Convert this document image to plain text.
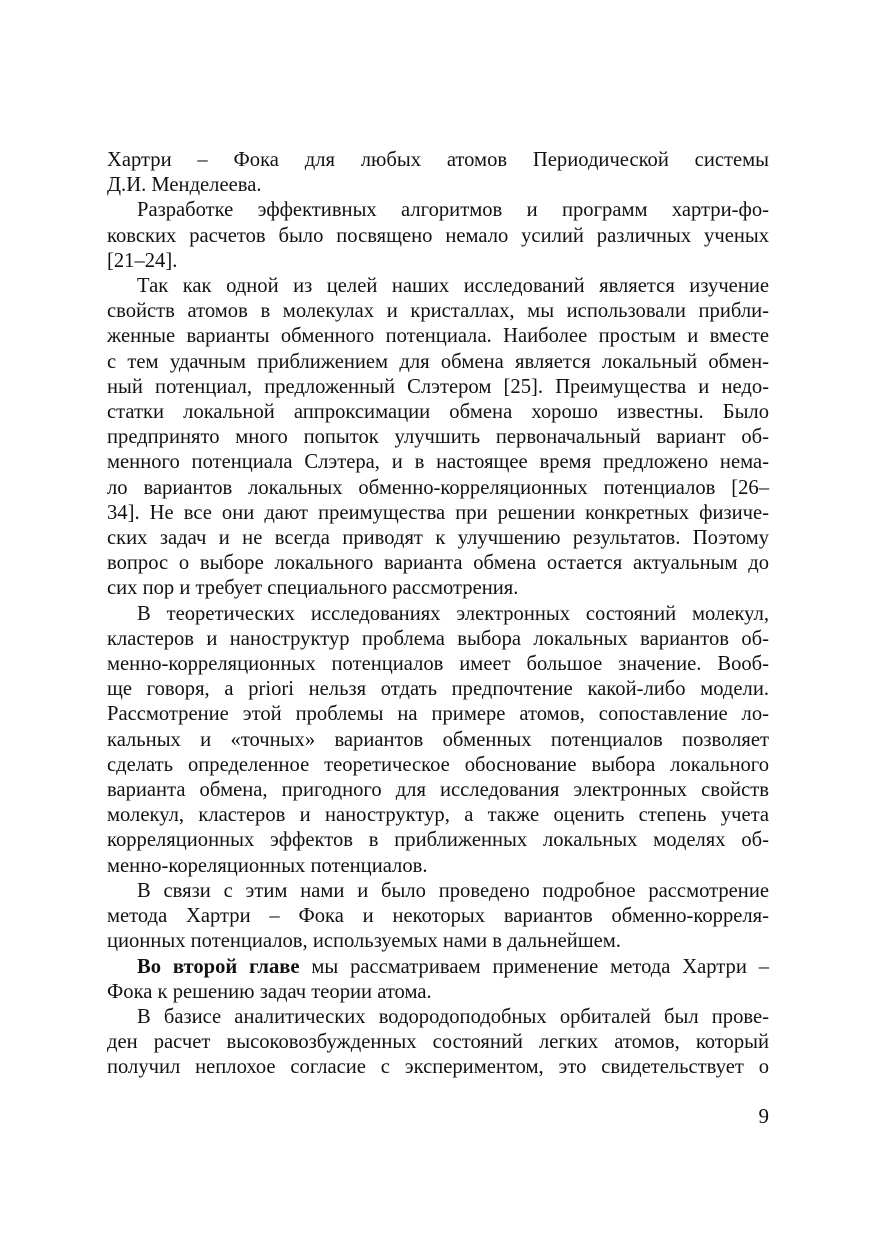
Хартри – Фока для любых атомов Периодической системы
Д.И. Менделеева.

Разработке эффективных алгоритмов и программ хартри-фо-
ковских расчетов было посвящено немало усилий различных ученых
[21–24].

Так как одной из целей наших исследований является изучение
свойств атомов в молекулах и кристаллах, мы использовали прибли-
женные варианты обменного потенциала. Наиболее простым и вместе
с тем удачным приближением для обмена является локальный обмен-
ный потенциал, предложенный Слэтером [25]. Преимущества и недо-
статки локальной аппроксимации обмена хорошо известны. Было
предпринято много попыток улучшить первоначальный вариант об-
менного потенциала Слэтера, и в настоящее время предложено нема-
ло вариантов локальных обменно-корреляционных потенциалов [26–
34]. Не все они дают преимущества при решении конкретных физиче-
ских задач и не всегда приводят к улучшению результатов. Поэтому
вопрос о выборе локального варианта обмена остается актуальным до
сих пор и требует специального рассмотрения.

В теоретических исследованиях электронных состояний молекул,
кластеров и наноструктур проблема выбора локальных вариантов об-
менно-корреляционных потенциалов имеет большое значение. Вооб-
ще говоря, a priori нельзя отдать предпочтение какой-либо модели.
Рассмотрение этой проблемы на примере атомов, сопоставление ло-
кальных и «точных» вариантов обменных потенциалов позволяет
сделать определенное теоретическое обоснование выбора локального
варианта обмена, пригодного для исследования электронных свойств
молекул, кластеров и наноструктур, а также оценить степень учета
корреляционных эффектов в приближенных локальных моделях об-
менно-кореляционных потенциалов.

В связи с этим нами и было проведено подробное рассмотрение
метода Хартри – Фока и некоторых вариантов обменно-корреля-
ционных потенциалов, используемых нами в дальнейшем.

Во второй главе мы рассматриваем применение метода Хартри –
Фока к решению задач теории атома.

В базисе аналитических водородоподобных орбиталей был прове-
ден расчет высоковозбужденных состояний легких атомов, который
получил неплохое согласие с экспериментом, это свидетельствует о

9
